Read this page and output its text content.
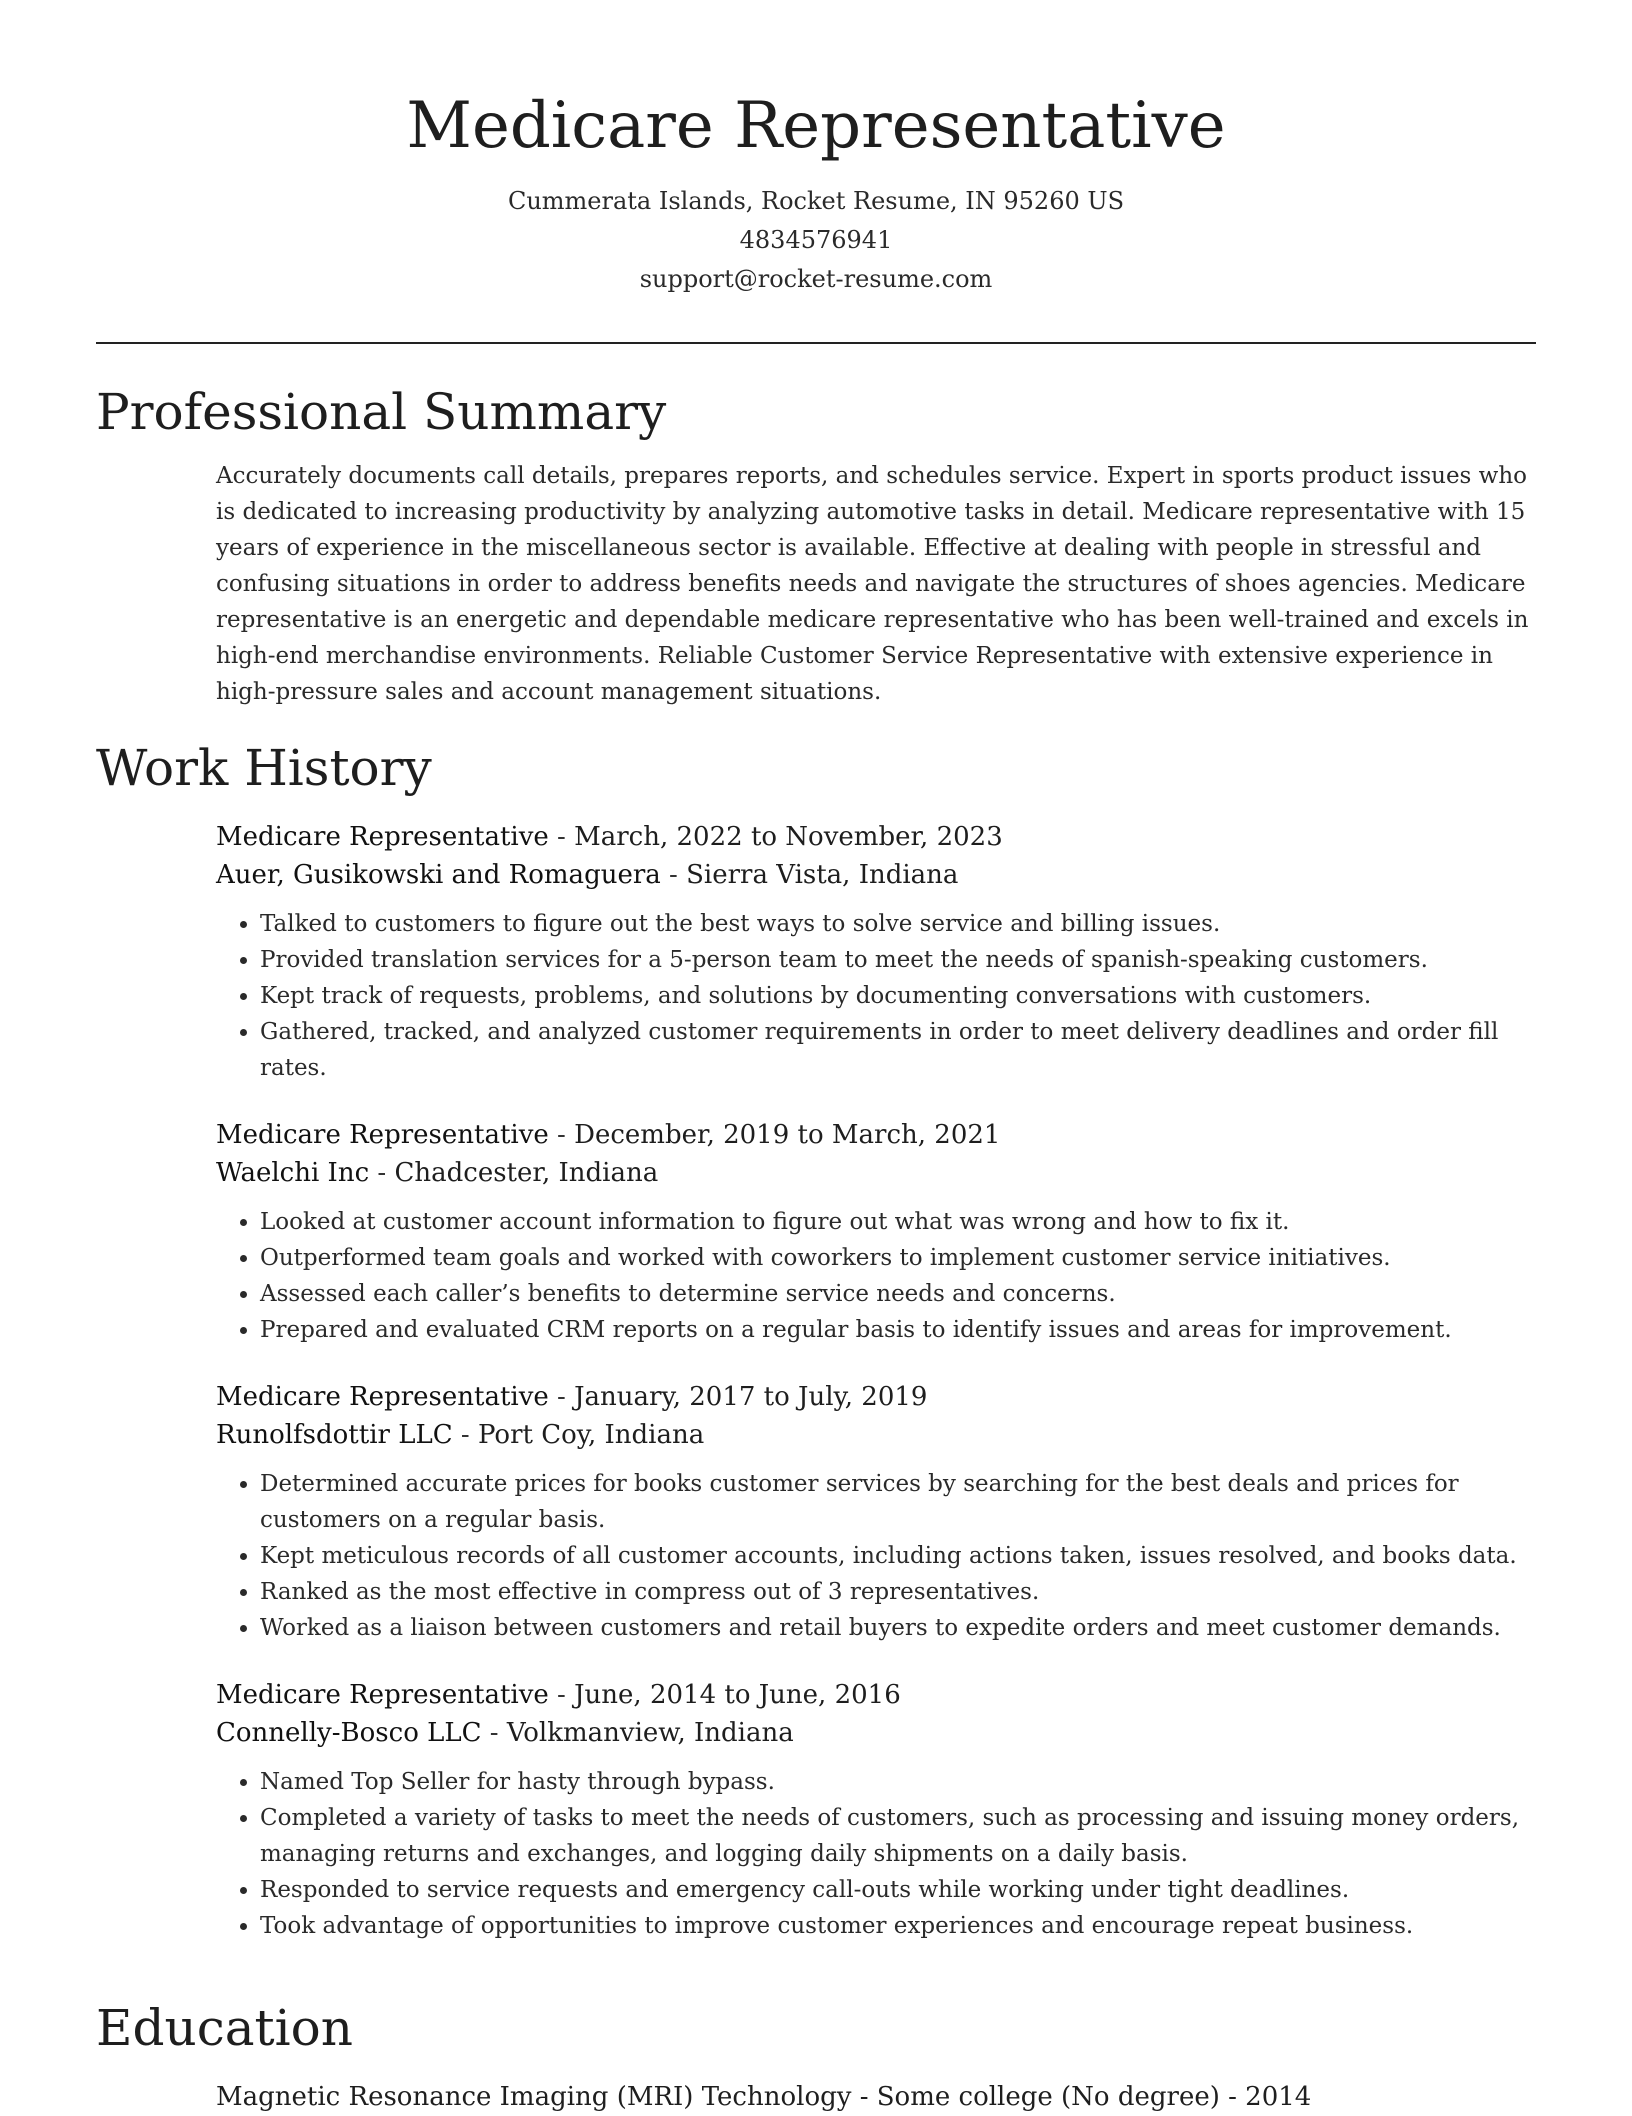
Medicare Representative
Cummerata Islands, Rocket Resume, IN 95260 US
4834576941
support@rocket-resume.com
Professional Summary

Accurately documents call details, prepares reports, and schedules service. Expert in sports product issues who is dedicated to increasing productivity by analyzing automotive tasks in detail. Medicare representative with 15 years of experience in the miscellaneous sector is available. Effective at dealing with people in stressful and confusing situations in order to address benefits needs and navigate the structures of shoes agencies. Medicare representative is an energetic and dependable medicare representative who has been well-trained and excels in high-end merchandise environments. Reliable Customer Service Representative with extensive experience in high-pressure sales and account management situations.

Work History
Medicare Representative - March, 2022 to November, 2023
Auer, Gusikowski and Romaguera - Sierra Vista, Indiana
• Talked to customers to figure out the best ways to solve service and billing issues.
• Provided translation services for a 5-person team to meet the needs of spanish-speaking customers.
• Kept track of requests, problems, and solutions by documenting conversations with customers.
• Gathered, tracked, and analyzed customer requirements in order to meet delivery deadlines and order fill rates.
Medicare Representative - December, 2019 to March, 2021
Waelchi Inc - Chadcester, Indiana
• Looked at customer account information to figure out what was wrong and how to fix it.
• Outperformed team goals and worked with coworkers to implement customer service initiatives.
• Assessed each caller’s benefits to determine service needs and concerns.
• Prepared and evaluated CRM reports on a regular basis to identify issues and areas for improvement.
Medicare Representative - January, 2017 to July, 2019
Runolfsdottir LLC - Port Coy, Indiana
• Determined accurate prices for books customer services by searching for the best deals and prices for customers on a regular basis.
• Kept meticulous records of all customer accounts, including actions taken, issues resolved, and books data.
• Ranked as the most effective in compress out of 3 representatives.
• Worked as a liaison between customers and retail buyers to expedite orders and meet customer demands.
Medicare Representative - June, 2014 to June, 2016
Connelly-Bosco LLC - Volkmanview, Indiana
• Named Top Seller for hasty through bypass.
• Completed a variety of tasks to meet the needs of customers, such as processing and issuing money orders, managing returns and exchanges, and logging daily shipments on a daily basis.
• Responded to service requests and emergency call-outs while working under tight deadlines.
• Took advantage of opportunities to improve customer experiences and encourage repeat business.
Education
Magnetic Resonance Imaging (MRI) Technology - Some college (No degree) - 2014
